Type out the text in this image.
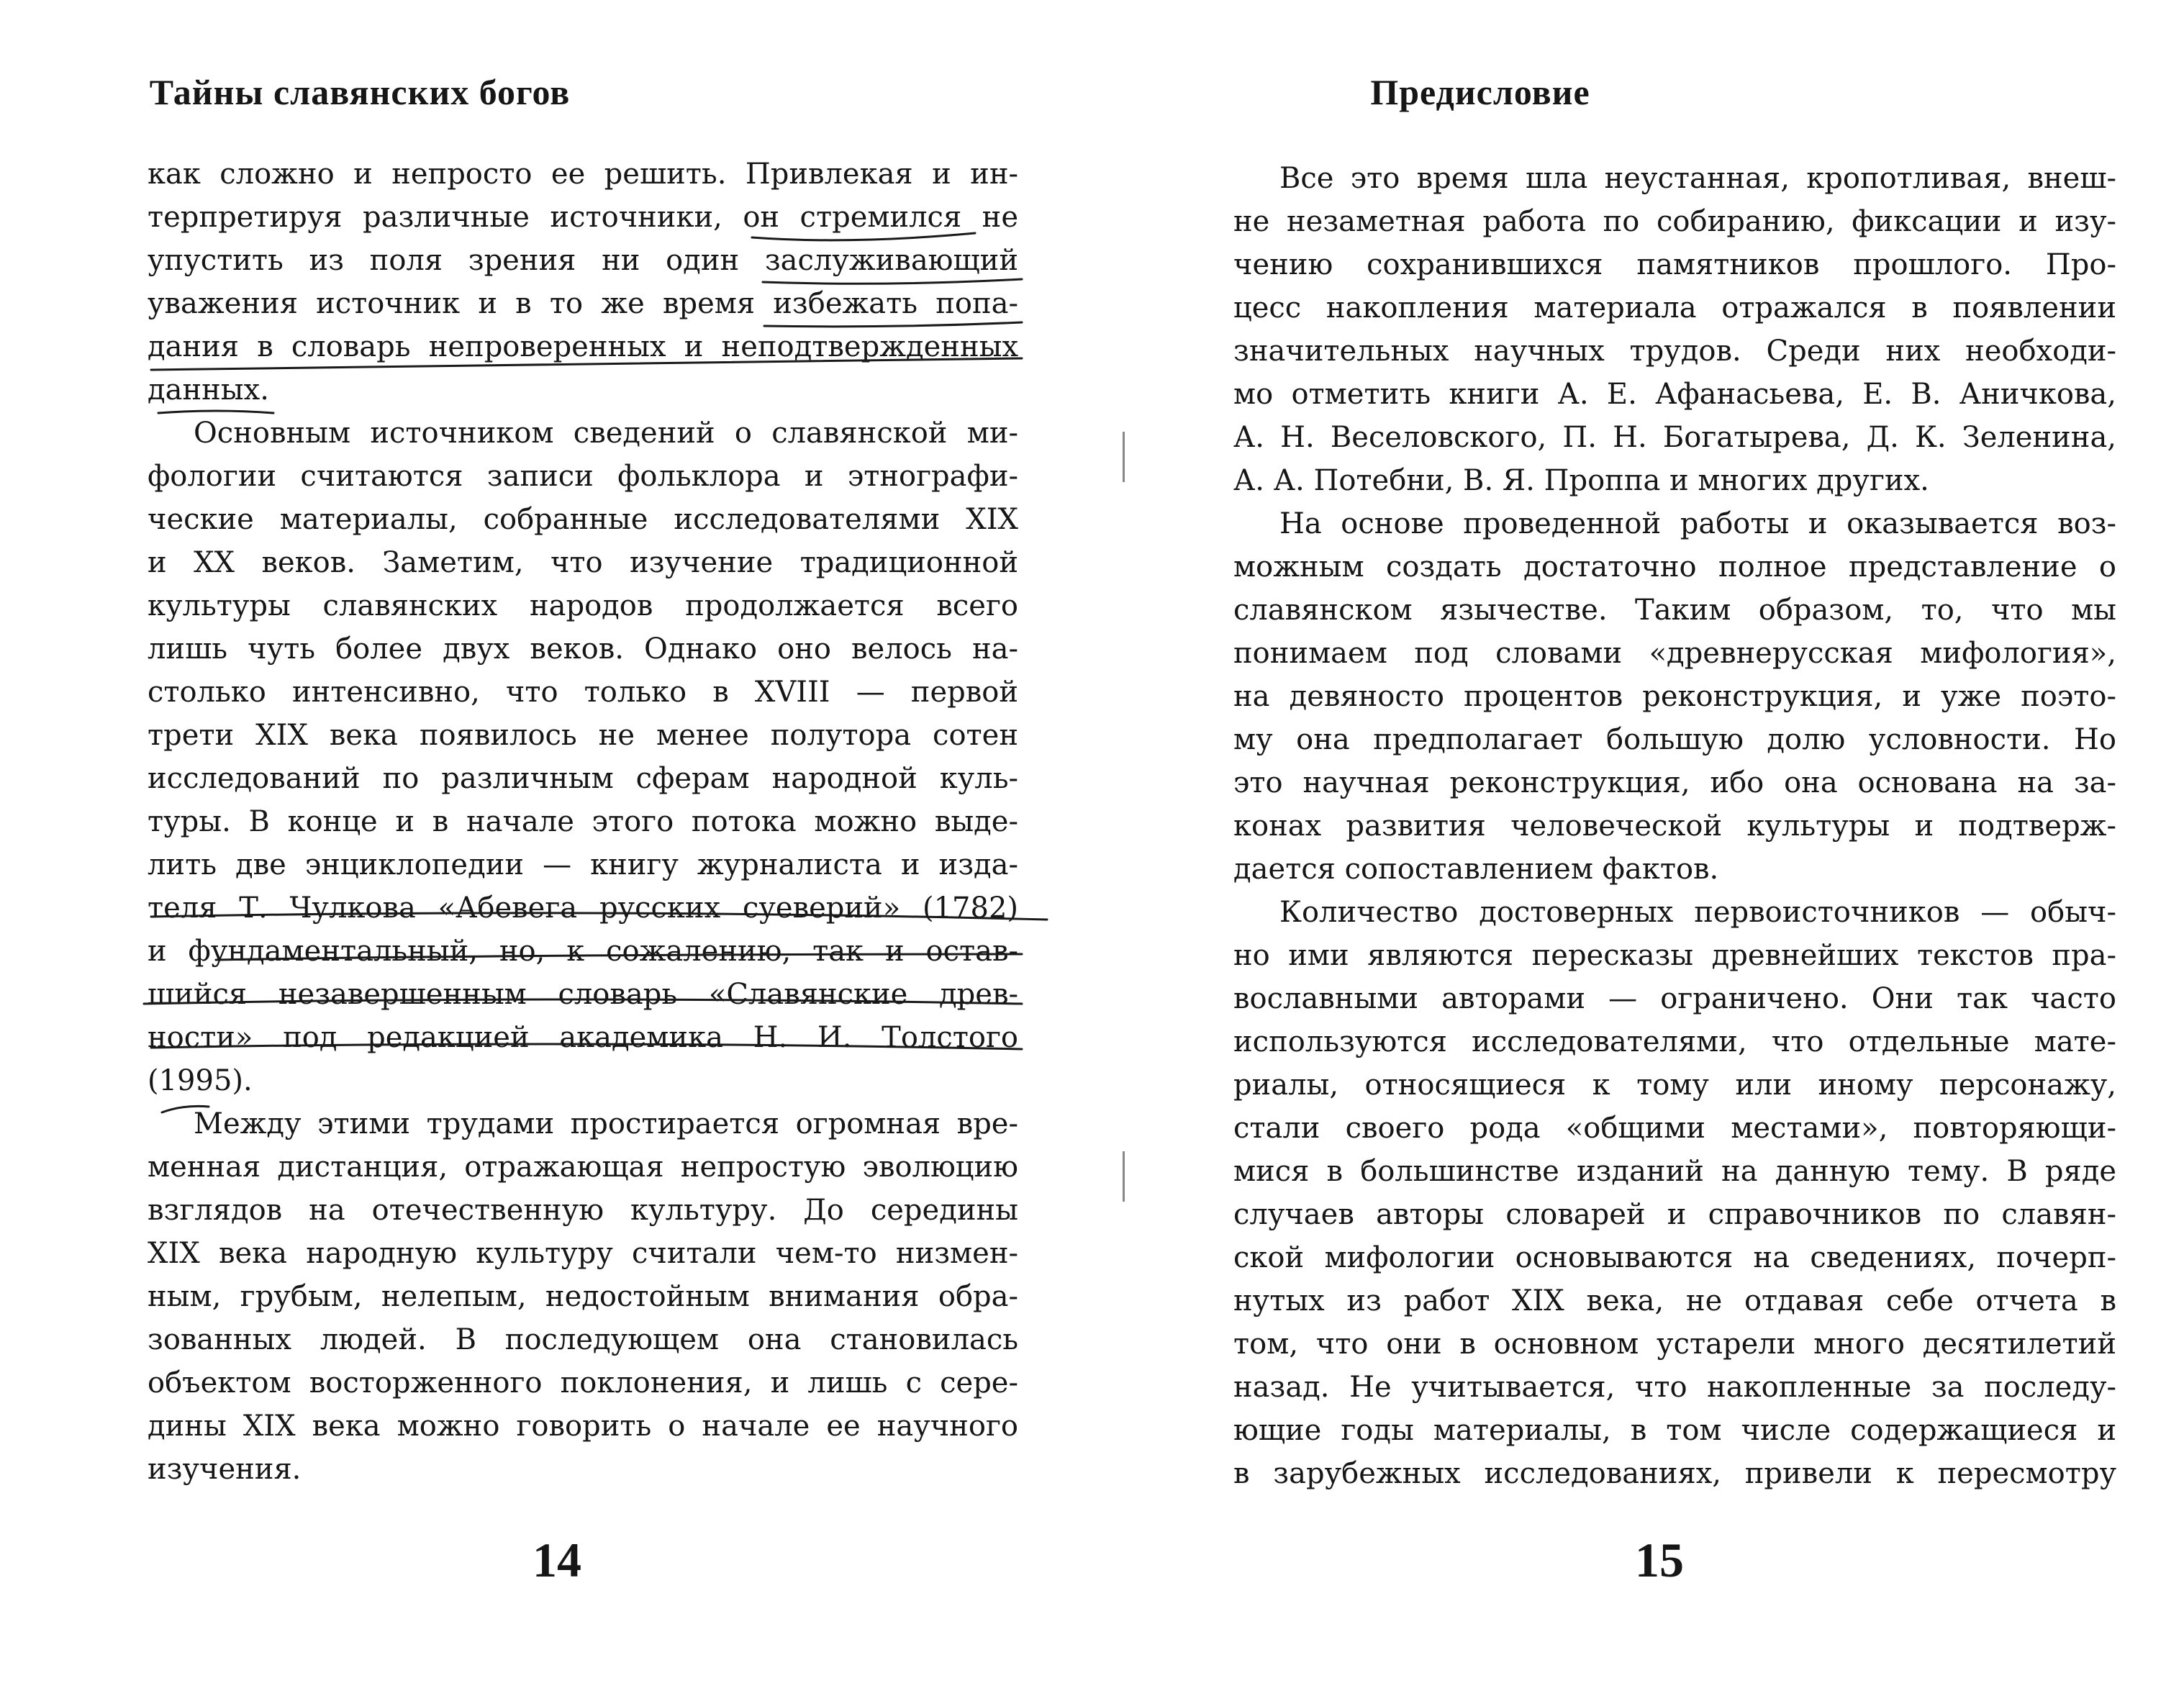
Тайны славянских богов
как сложно и непросто ее решить. Привлекая и ин-
терпретируя различные источники, он стремился не
упустить из поля зрения ни один заслуживающий
уважения источник и в то же время избежать попа-
дания в словарь непроверенных и неподтвержденных
данных.
Основным источником сведений о славянской ми-
фологии считаются записи фольклора и этнографи-
ческие материалы, собранные исследователями XIX
и XX веков. Заметим, что изучение традиционной
культуры славянских народов продолжается всего
лишь чуть более двух веков. Однако оно велось на-
столько интенсивно, что только в XVIII — первой
трети XIX века появилось не менее полутора сотен
исследований по различным сферам народной куль-
туры. В конце и в начале этого потока можно выде-
лить две энциклопедии — книгу журналиста и изда-
теля Т. Чулкова «Абевега русских суеверий» (1782)
и фундаментальный, но, к сожалению, так и остав-
шийся незавершенным словарь «Славянские древ-
ности» под редакцией академика Н. И. Толстого
(1995).
Между этими трудами простирается огромная вре-
менная дистанция, отражающая непростую эволюцию
взглядов на отечественную культуру. До середины
XIX века народную культуру считали чем-то низмен-
ным, грубым, нелепым, недостойным внимания обра-
зованных людей. В последующем она становилась
объектом восторженного поклонения, и лишь с сере-
дины XIX века можно говорить о начале ее научного
изучения.
14
Предисловие
Все это время шла неустанная, кропотливая, внеш-
не незаметная работа по собиранию, фиксации и изу-
чению сохранившихся памятников прошлого. Про-
цесс накопления материала отражался в появлении
значительных научных трудов. Среди них необходи-
мо отметить книги А. Е. Афанасьева, Е. В. Аничкова,
А. Н. Веселовского, П. Н. Богатырева, Д. К. Зеленина,
А. А. Потебни, В. Я. Проппа и многих других.
На основе проведенной работы и оказывается воз-
можным создать достаточно полное представление о
славянском язычестве. Таким образом, то, что мы
понимаем под словами «древнерусская мифология»,
на девяносто процентов реконструкция, и уже поэто-
му она предполагает большую долю условности. Но
это научная реконструкция, ибо она основана на за-
конах развития человеческой культуры и подтверж-
дается сопоставлением фактов.
Количество достоверных первоисточников — обыч-
но ими являются пересказы древнейших текстов пра-
вославными авторами — ограничено. Они так часто
используются исследователями, что отдельные мате-
риалы, относящиеся к тому или иному персонажу,
стали своего рода «общими местами», повторяющи-
мися в большинстве изданий на данную тему. В ряде
случаев авторы словарей и справочников по славян-
ской мифологии основываются на сведениях, почерп-
нутых из работ XIX века, не отдавая себе отчета в
том, что они в основном устарели много десятилетий
назад. Не учитывается, что накопленные за последу-
ющие годы материалы, в том числе содержащиеся и
в зарубежных исследованиях, привели к пересмотру
15
